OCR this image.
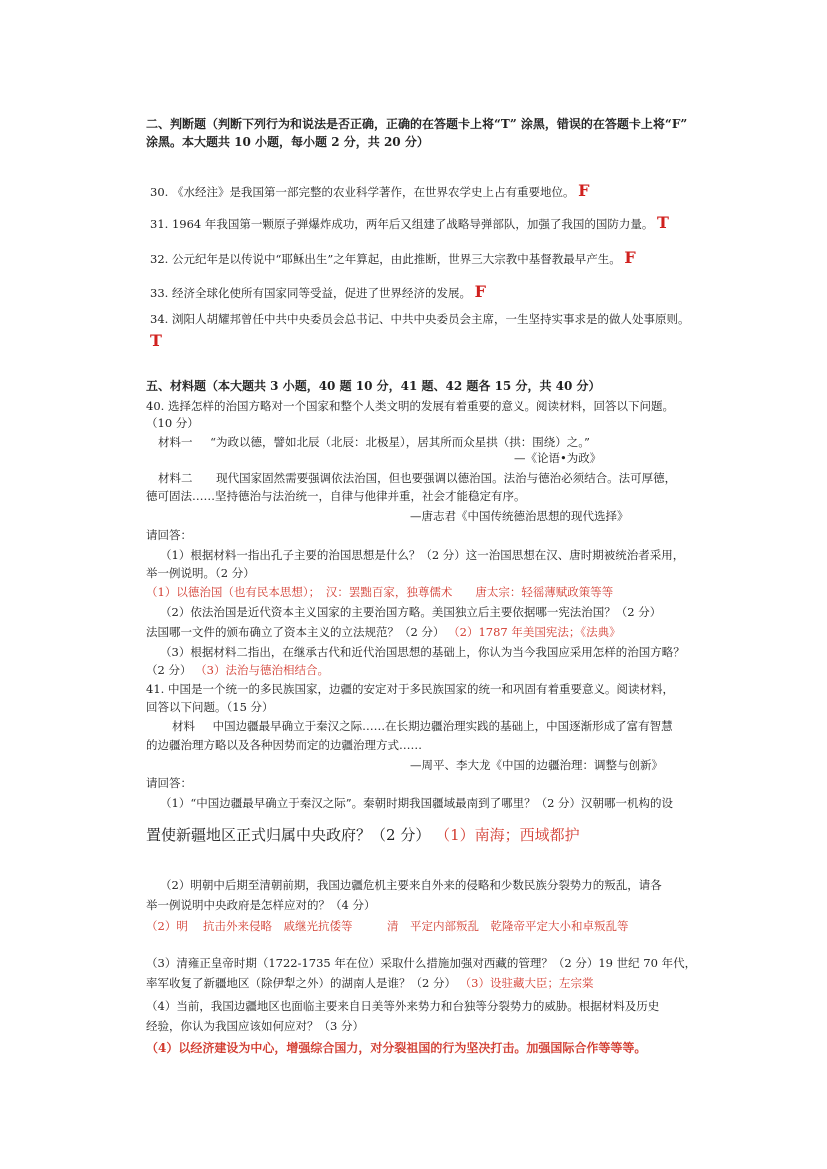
二、判断题（判断下列行为和说法是否正确，正确的在答题卡上将“T” 涂黑，错误的在答题卡上将“F”
涂黑。本大题共 10 小题，每小题 2 分，共 20 分）
30. 《水经注》是我国第一部完整的农业科学著作，在世界农学史上占有重要地位。 F
31. 1964 年我国第一颗原子弹爆炸成功，两年后又组建了战略导弹部队，加强了我国的国防力量。 T
32. 公元纪年是以传说中“耶稣出生”之年算起，由此推断，世界三大宗教中基督教最早产生。 F
33. 经济全球化使所有国家同等受益，促进了世界经济的发展。 F
34. 浏阳人胡耀邦曾任中共中央委员会总书记、中共中央委员会主席，一生坚持实事求是的做人处事原则。
T
五、材料题（本大题共 3 小题，40 题 10 分，41 题、42 题各 15 分，共 40 分）
40. 选择怎样的治国方略对一个国家和整个人类文明的发展有着重要的意义。阅读材料，回答以下问题。
（10 分）
材料一 “为政以德，譬如北辰（北辰：北极星），居其所而众星拱（拱：围绕）之。”
—《论语•为政》
材料二 现代国家固然需要强调依法治国，但也要强调以德治国。法治与德治必须结合。法可厚德，
德可固法……坚持德治与法治统一，自律与他律并重，社会才能稳定有序。
—唐志君《中国传统德治思想的现代选择》
请回答：
（1）根据材料一指出孔子主要的治国思想是什么？（2 分）这一治国思想在汉、唐时期被统治者采用，
举一例说明。（2 分）
（1）以德治国（也有民本思想）；　汉：罢黜百家，独尊儒术　　唐太宗：轻徭薄赋政策等等
（2）依法治国是近代资本主义国家的主要治国方略。美国独立后主要依据哪一宪法治国？（2 分）
法国哪一文件的颁布确立了资本主义的立法规范？（2 分） （2）1787 年美国宪法；《法典》
（3）根据材料二指出，在继承古代和近代治国思想的基础上，你认为当今我国应采用怎样的治国方略？
（2 分） （3）法治与德治相结合。
41. 中国是一个统一的多民族国家，边疆的安定对于多民族国家的统一和巩固有着重要意义。阅读材料，
回答以下问题。（15 分）
材料 中国边疆最早确立于秦汉之际……在长期边疆治理实践的基础上，中国逐渐形成了富有智慧
的边疆治理方略以及各种因势而定的边疆治理方式……
—周平、李大龙《中国的边疆治理：调整与创新》
请回答：
（1）“中国边疆最早确立于秦汉之际”。秦朝时期我国疆域最南到了哪里？（2 分）汉朝哪一机构的设
置使新疆地区正式归属中央政府？（2 分） （1）南海；西域都护
（2）明朝中后期至清朝前期，我国边疆危机主要来自外来的侵略和少数民族分裂势力的叛乱，请各
举一例说明中央政府是怎样应对的？（4 分）
（2）明　 抗击外来侵略　戚继光抗倭等　　　清　平定内部叛乱　乾隆帝平定大小和卓叛乱等
（3）清雍正皇帝时期（1722-1735 年在位）采取什么措施加强对西藏的管理？（2 分）19 世纪 70 年代，
率军收复了新疆地区（除伊犁之外）的湖南人是谁？（2 分） （3）设驻藏大臣；左宗棠
（4）当前，我国边疆地区也面临主要来自日美等外来势力和台独等分裂势力的威胁。根据材料及历史
经验，你认为我国应该如何应对？（3 分）
（4）以经济建设为中心，增强综合国力，对分裂祖国的行为坚决打击。加强国际合作等等等。
